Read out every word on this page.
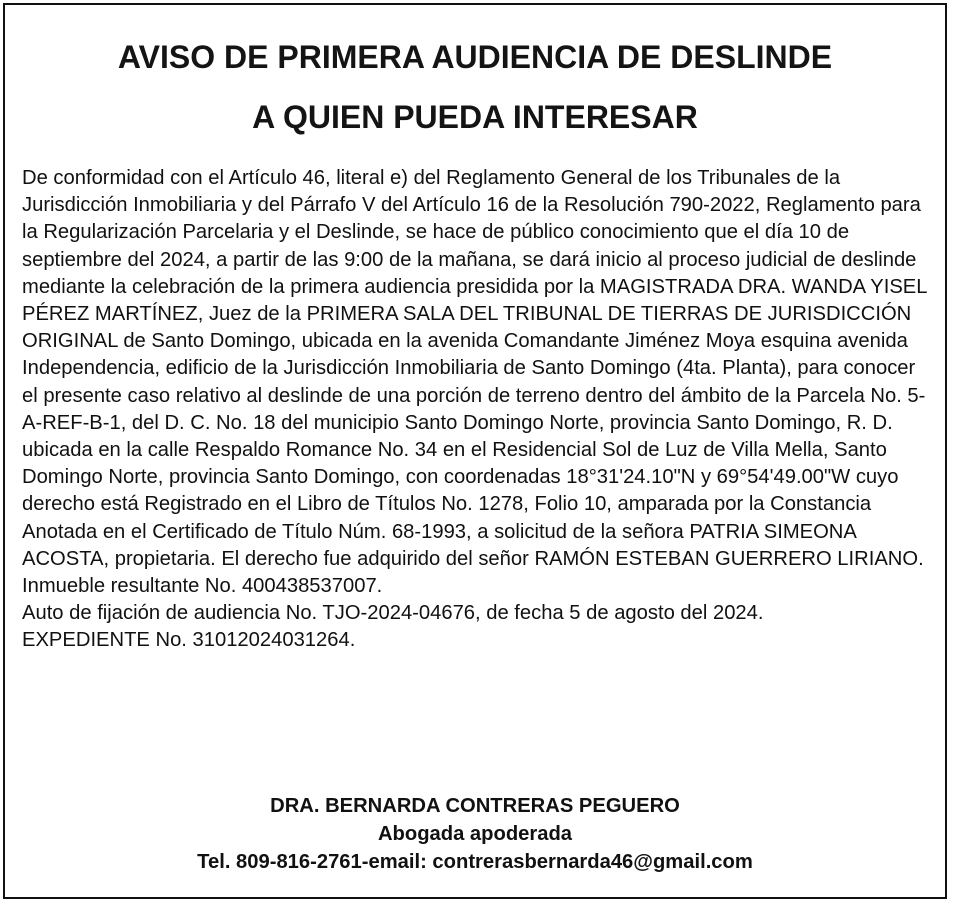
AVISO DE PRIMERA AUDIENCIA DE DESLINDE
A QUIEN PUEDA INTERESAR

De conformidad con el Artículo 46, literal e) del Reglamento General de los Tribunales de la Jurisdicción Inmobiliaria y del Párrafo V del Artículo 16 de la Resolución 790-2022, Reglamento para la Regularización Parcelaria y el Deslinde, se hace de público conocimiento que el día 10 de septiembre del 2024, a partir de las 9:00 de la mañana, se dará inicio al proceso judicial de deslinde mediante la celebración de la primera audiencia presidida por la MAGISTRADA DRA. WANDA YISEL PÉREZ MARTÍNEZ, Juez de la PRIMERA SALA DEL TRIBUNAL DE TIERRAS DE JURISDICCIÓN ORIGINAL de Santo Domingo, ubicada en la avenida Comandante Jiménez Moya esquina avenida Independencia, edificio de la Jurisdicción Inmobiliaria de Santo Domingo (4ta. Planta), para conocer el presente caso relativo al deslinde de una porción de terreno dentro del ámbito de la Parcela No. 5-A-REF-B-1, del D. C. No. 18 del municipio Santo Domingo Norte, provincia Santo Domingo, R. D. ubicada en la calle Respaldo Romance No. 34 en el Residencial Sol de Luz de Villa Mella, Santo Domingo Norte, provincia Santo Domingo, con coordenadas 18°31'24.10"N y 69°54'49.00"W cuyo derecho está Registrado en el Libro de Títulos No. 1278, Folio 10, amparada por la Constancia Anotada en el Certificado de Título Núm. 68-1993, a solicitud de la señora PATRIA SIMEONA ACOSTA, propietaria. El derecho fue adquirido del señor RAMÓN ESTEBAN GUERRERO LIRIANO.

Inmueble resultante No. 400438537007.

Auto de fijación de audiencia No. TJO-2024-04676, de fecha 5 de agosto del 2024.

EXPEDIENTE No. 31012024031264.

DRA. BERNARDA CONTRERAS PEGUERO
Abogada apoderada
Tel. 809-816-2761-email: contrerasbernarda46@gmail.com
